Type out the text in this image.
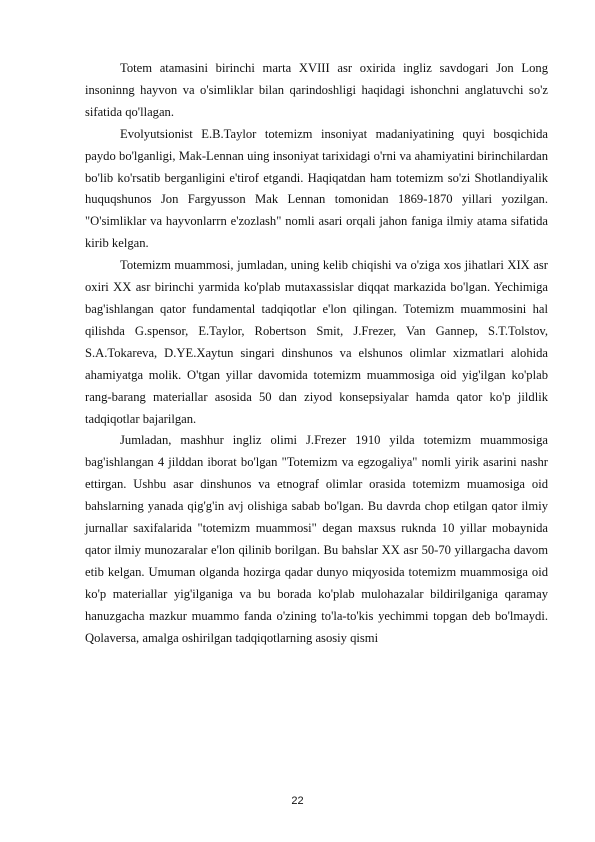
Totem atamasini birinchi marta XVIII asr oxirida ingliz savdogari Jon Long insoninng hayvon va o'simliklar bilan qarindoshligi haqidagi ishonchni anglatuvchi so'z sifatida qo'llagan.

Evolyutsionist E.B.Taylor totemizm insoniyat madaniyatining quyi bosqichida paydo bo'lganligi, Mak-Lennan uing insoniyat tarixidagi o'rni va ahamiyatini birinchilardan bo'lib ko'rsatib berganligini e'tirof etgandi. Haqiqatdan ham totemizm so'zi Shotlandiyalik huquqshunos Jon Fargyusson Mak Lennan tomonidan 1869-1870 yillari yozilgan. "O'simliklar va hayvonlarrn e'zozlash" nomli asari orqali jahon faniga ilmiy atama sifatida kirib kelgan.

Totemizm muammosi, jumladan, uning kelib chiqishi va o'ziga xos jihatlari XIX asr oxiri XX asr birinchi yarmida ko'plab mutaxassislar diqqat markazida bo'lgan. Yechimiga bag'ishlangan qator fundamental tadqiqotlar e'lon qilingan. Totemizm muammosini hal qilishda G.spensor, E.Taylor, Robertson Smit, J.Frezer, Van Gannep, S.T.Tolstov, S.A.Tokareva, D.YE.Xaytun singari dinshunos va elshunos olimlar xizmatlari alohida ahamiyatga molik. O'tgan yillar davomida totemizm muammosiga oid yig'ilgan ko'plab rang-barang materiallar asosida 50 dan ziyod konsepsiyalar hamda qator ko'p jildlik tadqiqotlar bajarilgan.

Jumladan, mashhur ingliz olimi J.Frezer 1910 yilda totemizm muammosiga bag'ishlangan 4 jilddan iborat bo'lgan "Totemizm va egzogaliya" nomli yirik asarini nashr ettirgan. Ushbu asar dinshunos va etnograf olimlar orasida totemizm muamosiga oid bahslarning yanada qig'g'in avj olishiga sabab bo'lgan. Bu davrda chop etilgan qator ilmiy jurnallar saxifalarida "totemizm muammosi" degan maxsus ruknda 10 yillar mobaynida qator ilmiy munozaralar e'lon qilinib borilgan. Bu bahslar XX asr 50-70 yillargacha davom etib kelgan. Umuman olganda hozirga qadar dunyo miqyosida totemizm muammosiga oid ko'p materiallar yig'ilganiga va bu borada ko'plab mulohazalar bildirilganiga qaramay hanuzgacha mazkur muammo fanda o'zining to'la-to'kis yechimmi topgan deb bo'lmaydi. Qolaversa, amalga oshirilgan tadqiqotlarning asosiy qismi

22
